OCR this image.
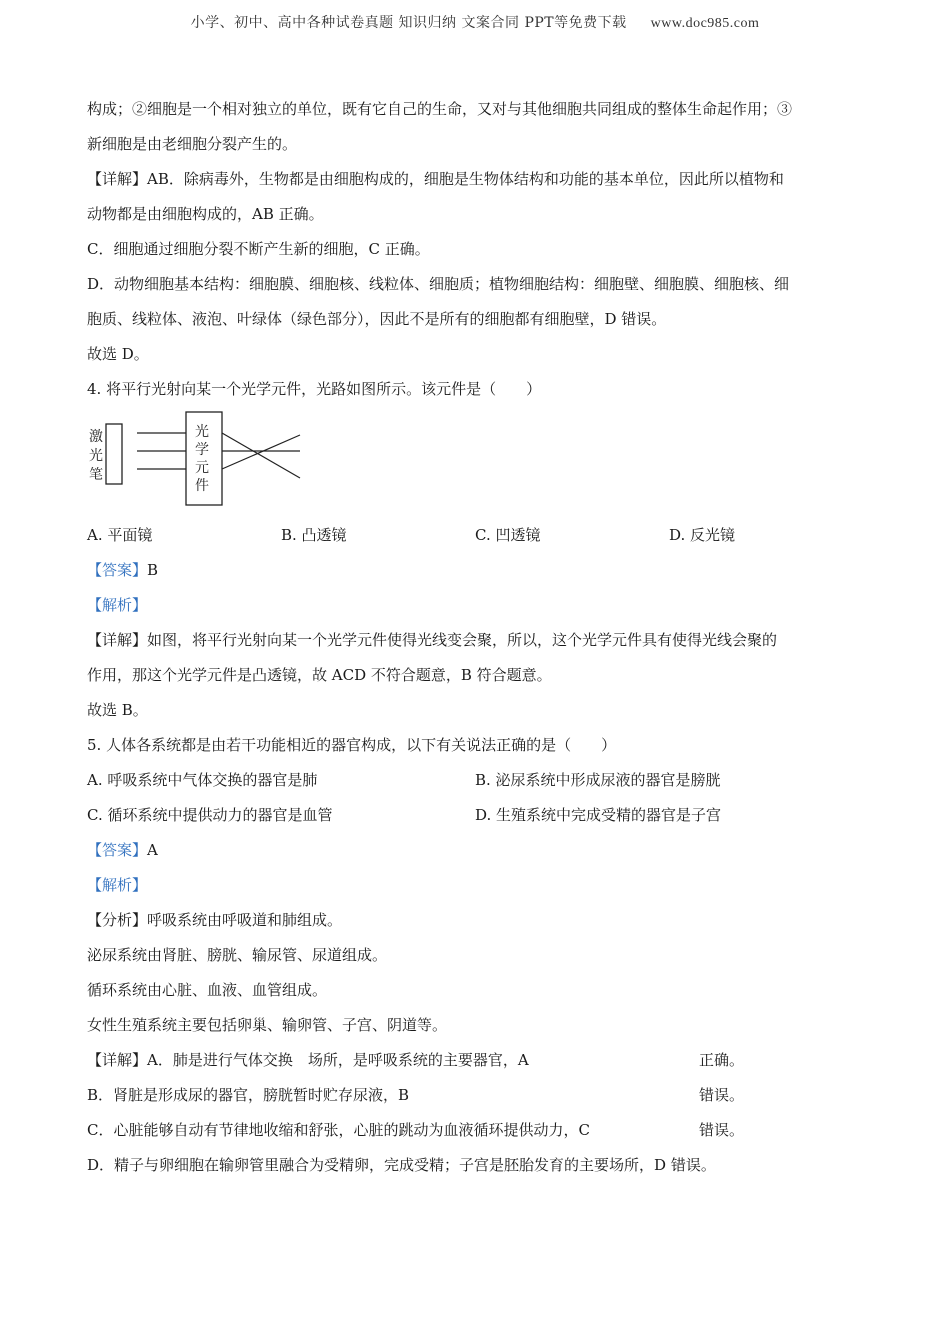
小学、初中、高中各种试卷真题 知识归纳 文案合同 PPT等免费下载 www.doc985.com
构成；②细胞是一个相对独立的单位，既有它自己的生命，又对与其他细胞共同组成的整体生命起作用；③
新细胞是由老细胞分裂产生的。
【详解】AB．除病毒外，生物都是由细胞构成的，细胞是生物体结构和功能的基本单位，因此所以植物和
动物都是由细胞构成的，AB 正确。
C．细胞通过细胞分裂不断产生新的细胞，C 正确。
D．动物细胞基本结构：细胞膜、细胞核、线粒体、细胞质；植物细胞结构：细胞壁、细胞膜、细胞核、细
胞质、线粒体、液泡、叶绿体（绿色部分），因此不是所有的细胞都有细胞壁，D 错误。
故选 D。
4. 将平行光射向某一个光学元件，光路如图所示。该元件是（　　）
激
光
笔
光
学
元
件
A. 平面镜	B. 凸透镜	C. 凹透镜	D. 反光镜
【答案】B
【解析】
【详解】如图，将平行光射向某一个光学元件使得光线变会聚，所以，这个光学元件具有使得光线会聚的
作用，那这个光学元件是凸透镜，故 ACD 不符合题意，B 符合题意。
故选 B。
5. 人体各系统都是由若干功能相近的器官构成，以下有关说法正确的是（　　）
A. 呼吸系统中气体交换的器官是肺	B. 泌尿系统中形成尿液的器官是膀胱
C. 循环系统中提供动力的器官是血管	D. 生殖系统中完成受精的器官是子宫
【答案】A
【解析】
【分析】呼吸系统由呼吸道和肺组成。
泌尿系统由肾脏、膀胱、输尿管、尿道组成。
循环系统由心脏、血液、血管组成。
女性生殖系统主要包括卵巢、输卵管、子宫、阴道等。
【详解】A．肺是进行气体交换　场所，是呼吸系统的主要器官，A	正确。
B．肾脏是形成尿的器官，膀胱暂时贮存尿液，B	错误。
C．心脏能够自动有节律地收缩和舒张，心脏的跳动为血液循环提供动力，C	错误。
D．精子与卵细胞在输卵管里融合为受精卵，完成受精；子宫是胚胎发育的主要场所，D 错误。
